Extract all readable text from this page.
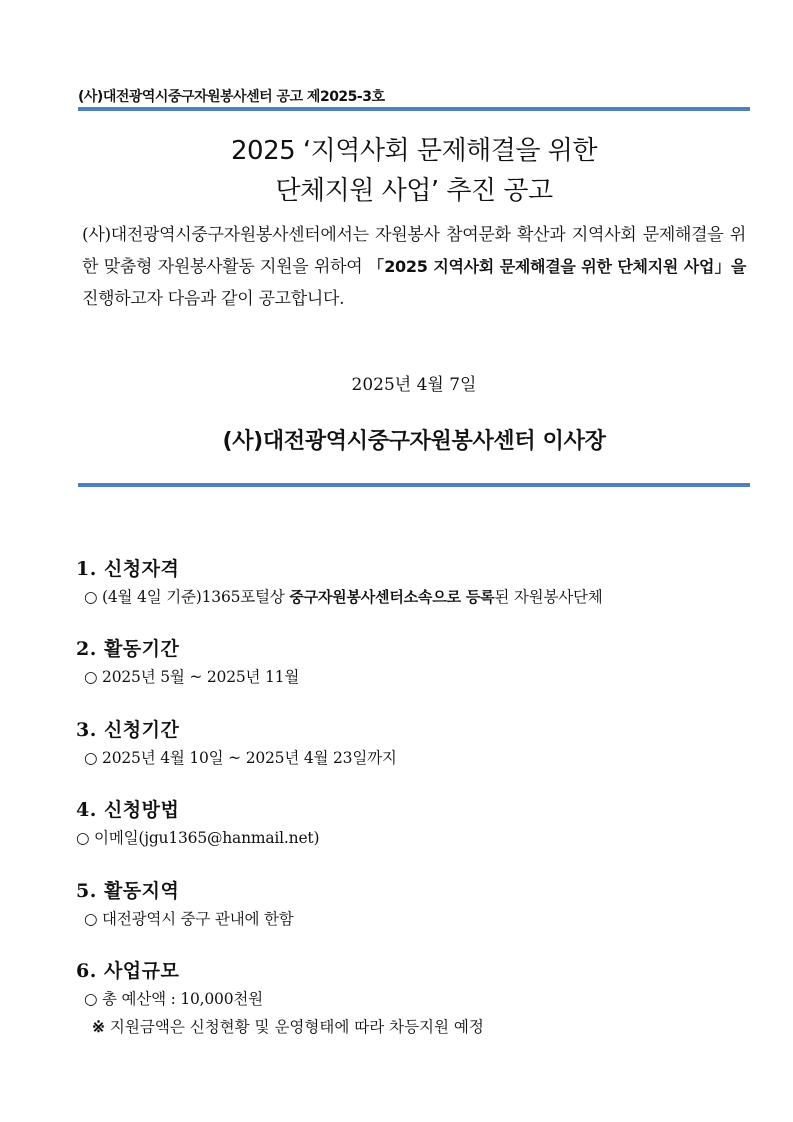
(사)대전광역시중구자원봉사센터 공고 제2025-3호
2025 ‘지역사회 문제해결을 위한
단체지원 사업’ 추진 공고
(사)대전광역시중구자원봉사센터에서는 자원봉사 참여문화 확산과 지역사회 문제해결을 위한 맞춤형 자원봉사활동 지원을 위하여 「2025 지역사회 문제해결을 위한 단체지원 사업」을 진행하고자 다음과 같이 공고합니다.
2025년 4월 7일
(사)대전광역시중구자원봉사센터 이사장
1. 신청자격
○ (4월 4일 기준)1365포털상 중구자원봉사센터소속으로 등록된 자원봉사단체
2. 활동기간
○ 2025년 5월 ~ 2025년 11월
3. 신청기간
○ 2025년 4월 10일 ~ 2025년 4월 23일까지
4. 신청방법
○ 이메일(jgu1365@hanmail.net)
5. 활동지역
○ 대전광역시 중구 관내에 한함
6. 사업규모
○ 총 예산액 : 10,000천원
※ 지원금액은 신청현황 및 운영형태에 따라 차등지원 예정
